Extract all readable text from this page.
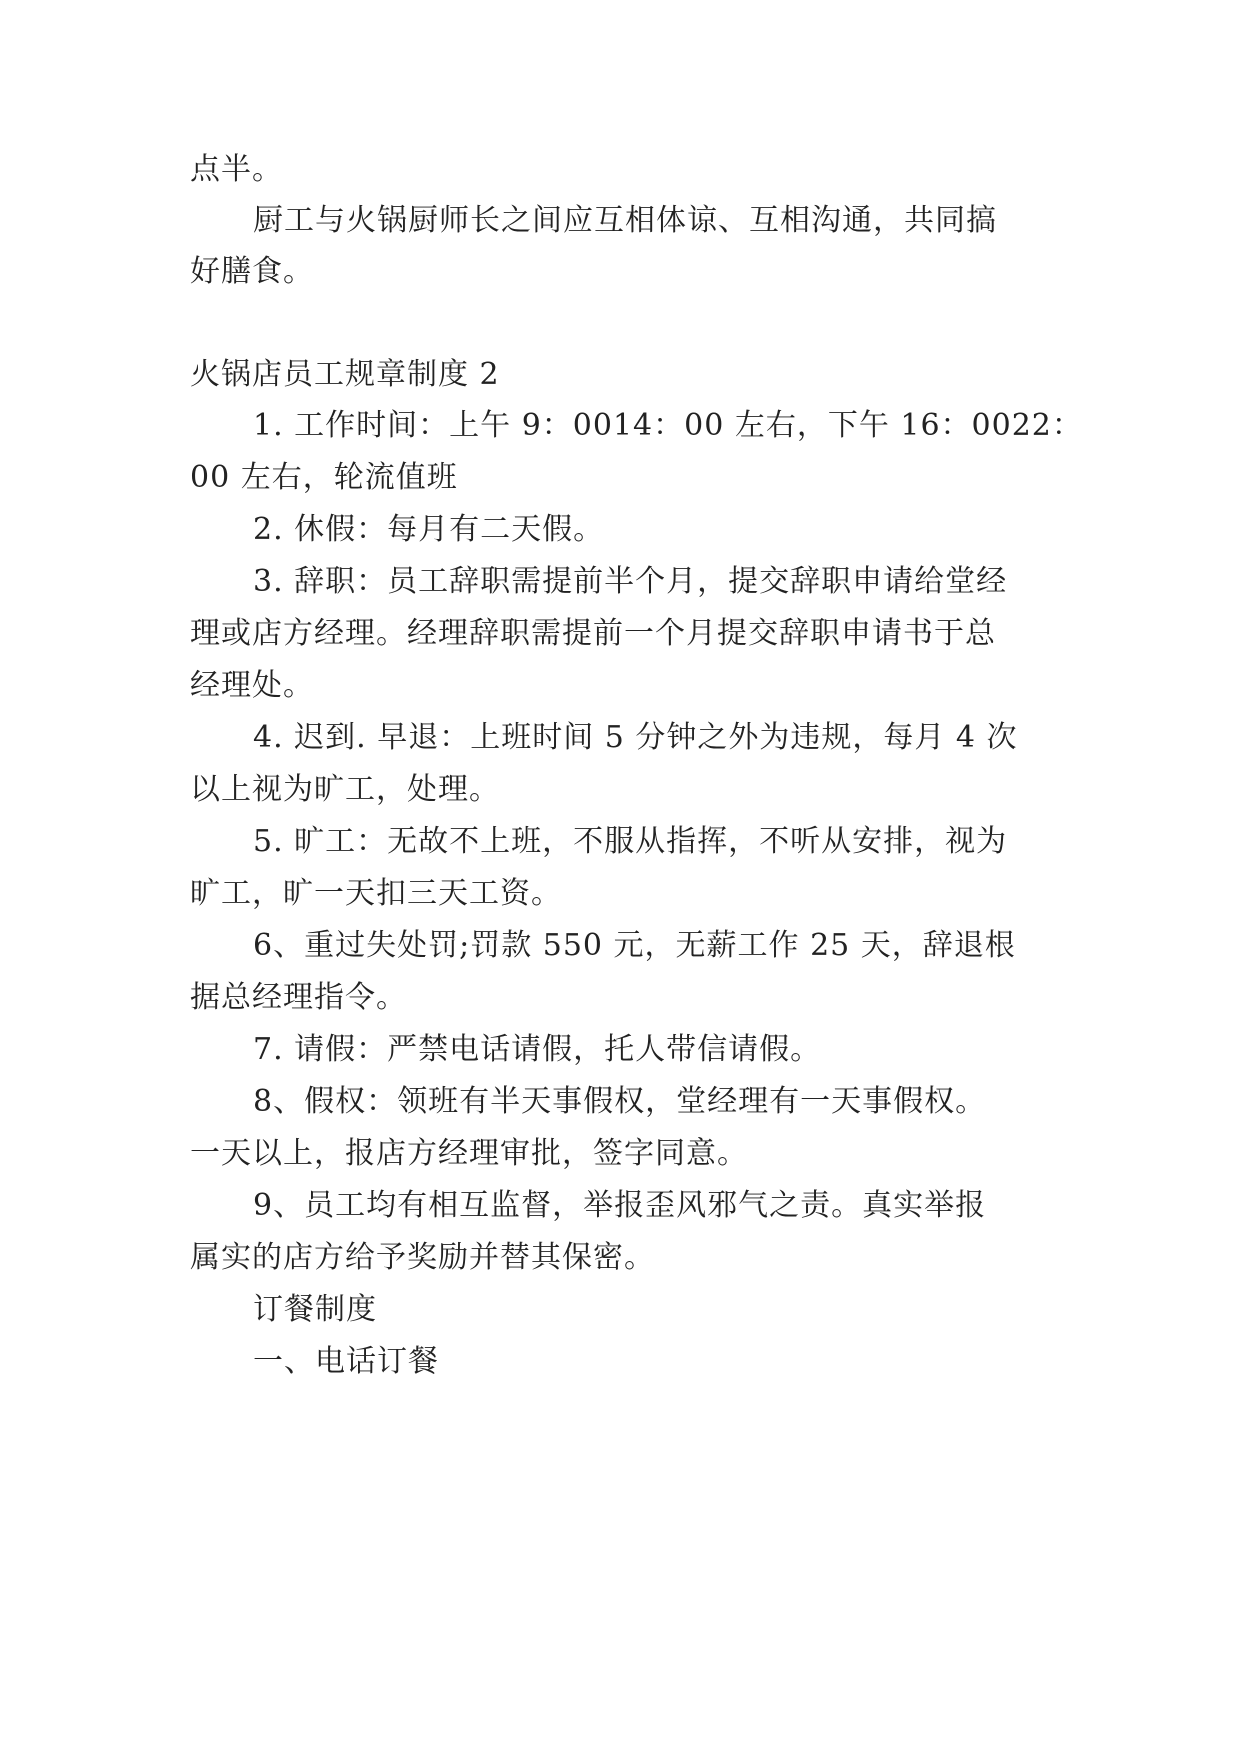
点半。
厨工与火锅厨师长之间应互相体谅、互相沟通，共同搞
好膳食。
火锅店员工规章制度 2
1. 工作时间：上午 9：0014：00 左右，下午 16：0022：
00 左右，轮流值班
2. 休假：每月有二天假。
3. 辞职：员工辞职需提前半个月，提交辞职申请给堂经
理或店方经理。经理辞职需提前一个月提交辞职申请书于总
经理处。
4. 迟到. 早退：上班时间 5 分钟之外为违规，每月 4 次
以上视为旷工，处理。
5. 旷工：无故不上班，不服从指挥，不听从安排，视为
旷工，旷一天扣三天工资。
6、重过失处罚;罚款 550 元，无薪工作 25 天，辞退根
据总经理指令。
7. 请假：严禁电话请假，托人带信请假。
8、假权：领班有半天事假权，堂经理有一天事假权。
一天以上，报店方经理审批，签字同意。
9、员工均有相互监督，举报歪风邪气之责。真实举报
属实的店方给予奖励并替其保密。
订餐制度
一、电话订餐
